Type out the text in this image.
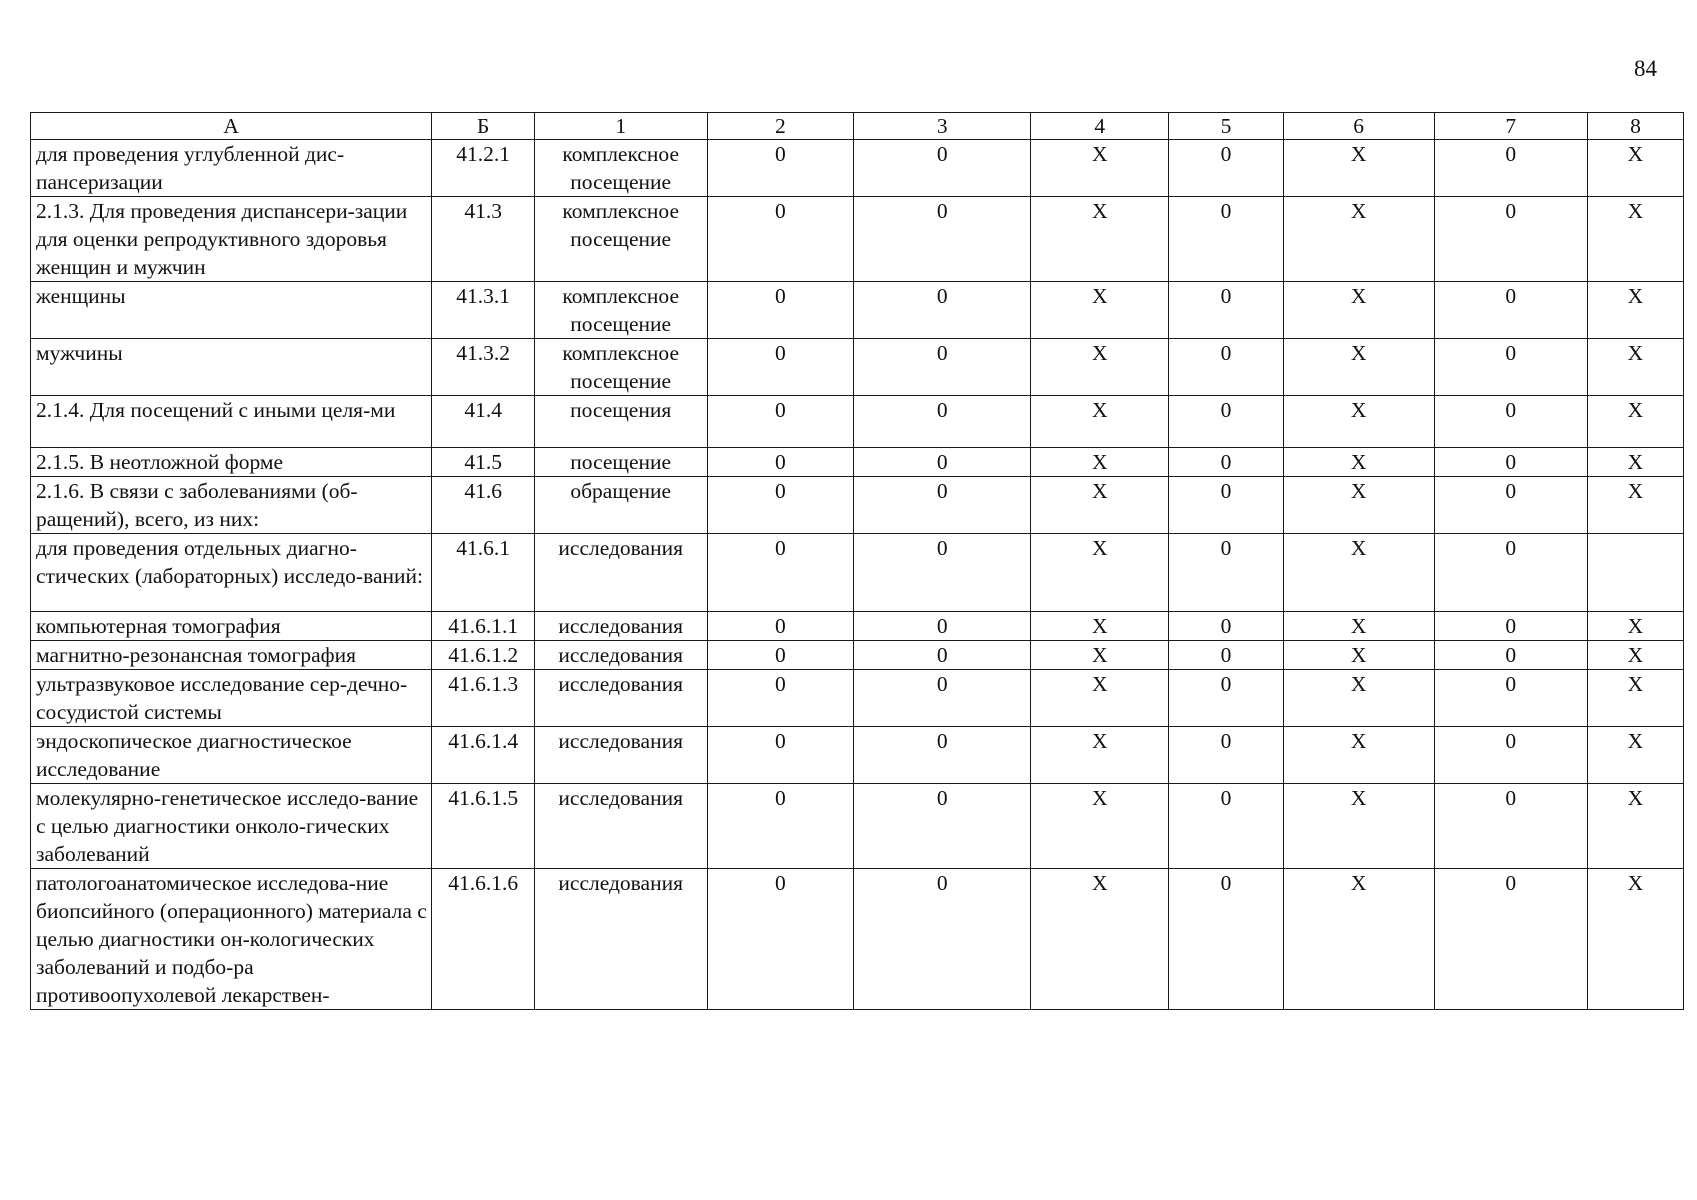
84
А	Б	1	2	3	4	5	6	7	8
для проведения углубленной дис-пансеризации	41.2.1	комплексное посещение	0	0	Х	0	Х	0	Х
2.1.3. Для проведения диспансери-зации для оценки репродуктивного здоровья женщин и мужчин	41.3	комплексное посещение	0	0	Х	0	Х	0	Х
женщины	41.3.1	комплексное посещение	0	0	Х	0	Х	0	Х
мужчины	41.3.2	комплексное посещение	0	0	Х	0	Х	0	Х
2.1.4. Для посещений с иными целя-ми	41.4	посещения	0	0	Х	0	Х	0	Х
2.1.5. В неотложной форме	41.5	посещение	0	0	Х	0	Х	0	Х
2.1.6. В связи с заболеваниями (об-ращений), всего, из них:	41.6	обращение	0	0	Х	0	Х	0	Х
для проведения отдельных диагно-стических (лабораторных) исследо-ваний:	41.6.1	исследования	0	0	Х	0	Х	0	
компьютерная томография	41.6.1.1	исследования	0	0	Х	0	Х	0	Х
магнитно-резонансная томография	41.6.1.2	исследования	0	0	Х	0	Х	0	Х
ультразвуковое исследование сер-дечно-сосудистой системы	41.6.1.3	исследования	0	0	Х	0	Х	0	Х
эндоскопическое диагностическое исследование	41.6.1.4	исследования	0	0	Х	0	Х	0	Х
молекулярно-генетическое исследо-вание с целью диагностики онколо-гических заболеваний	41.6.1.5	исследования	0	0	Х	0	Х	0	Х
патологоанатомическое исследова-ние биопсийного (операционного) материала с целью диагностики он-кологических заболеваний и подбо-ра противоопухолевой лекарствен-	41.6.1.6	исследования	0	0	Х	0	Х	0	Х
